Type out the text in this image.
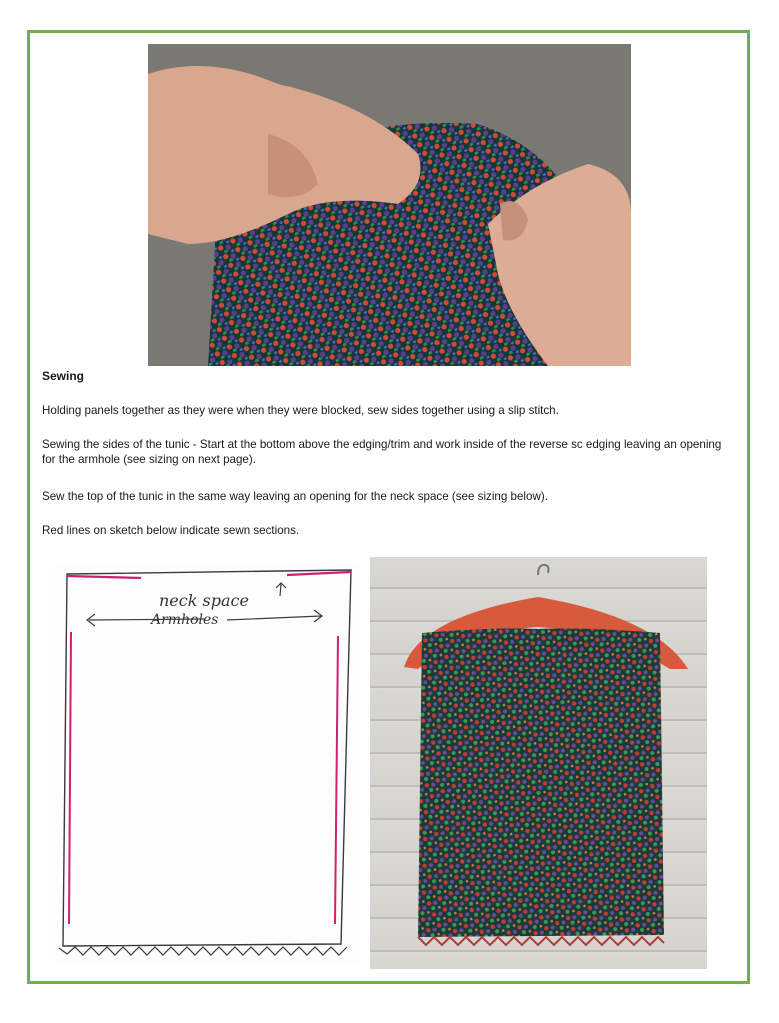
Sewing
Holding panels together as they were when they were blocked, sew sides together using a slip stitch.
Sewing the sides of the tunic - Start at the bottom above the edging/trim and work inside of the reverse sc edging leaving an opening for the armhole (see sizing on next page).
Sew the top of the tunic in the same way leaving an opening for the neck space (see sizing below).
Red lines on sketch below indicate sewn sections.
neck space
Armholes
